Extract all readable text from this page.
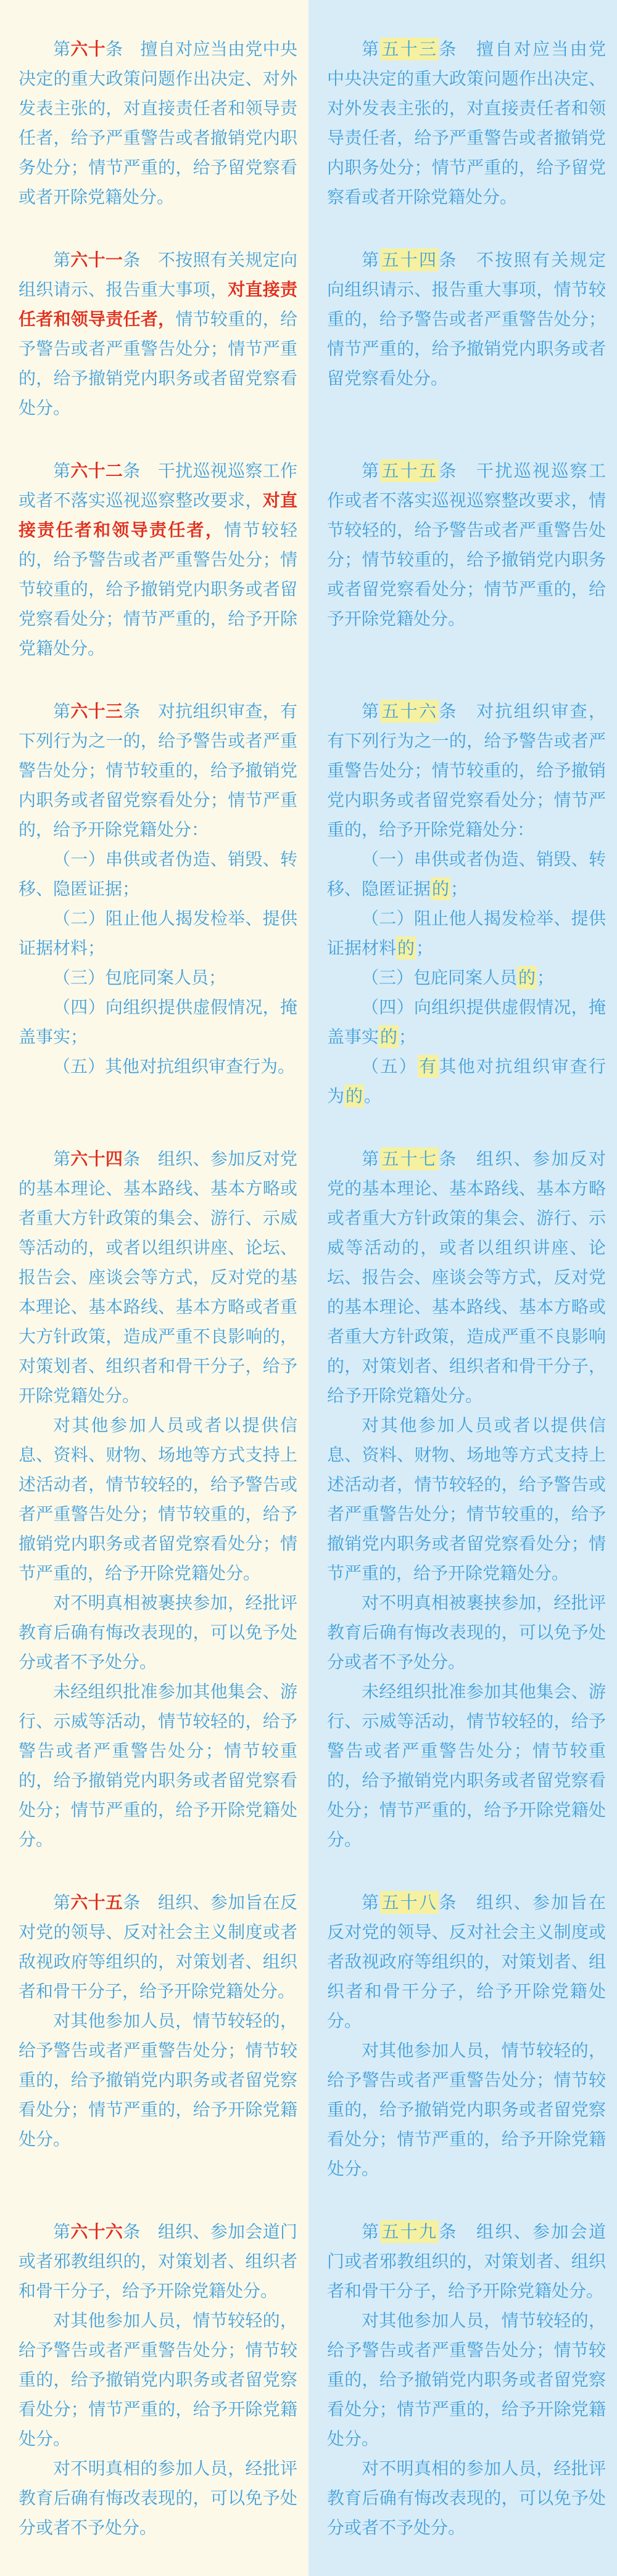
第六十条　擅自对应当由党中央决定的重大政策问题作出决定、对外发表主张的，对直接责任者和领导责任者，给予严重警告或者撤销党内职务处分；情节严重的，给予留党察看或者开除党籍处分。

第五十三条　擅自对应当由党中央决定的重大政策问题作出决定、对外发表主张的，对直接责任者和领导责任者，给予严重警告或者撤销党内职务处分；情节严重的，给予留党察看或者开除党籍处分。

第六十一条　不按照有关规定向组织请示、报告重大事项，对直接责任者和领导责任者，情节较重的，给予警告或者严重警告处分；情节严重的，给予撤销党内职务或者留党察看处分。

第五十四条　不按照有关规定向组织请示、报告重大事项，情节较重的，给予警告或者严重警告处分；情节严重的，给予撤销党内职务或者留党察看处分。

第六十二条　干扰巡视巡察工作或者不落实巡视巡察整改要求，对直接责任者和领导责任者，情节较轻的，给予警告或者严重警告处分；情节较重的，给予撤销党内职务或者留党察看处分；情节严重的，给予开除党籍处分。

第五十五条　干扰巡视巡察工作或者不落实巡视巡察整改要求，情节较轻的，给予警告或者严重警告处分；情节较重的，给予撤销党内职务或者留党察看处分；情节严重的，给予开除党籍处分。

第六十三条　对抗组织审查，有下列行为之一的，给予警告或者严重警告处分；情节较重的，给予撤销党内职务或者留党察看处分；情节严重的，给予开除党籍处分：

（一）串供或者伪造、销毁、转移、隐匿证据；

（二）阻止他人揭发检举、提供证据材料；

（三）包庇同案人员；

（四）向组织提供虚假情况，掩盖事实；

（五）其他对抗组织审查行为。

第五十六条　对抗组织审查，有下列行为之一的，给予警告或者严重警告处分；情节较重的，给予撤销党内职务或者留党察看处分；情节严重的，给予开除党籍处分：

（一）串供或者伪造、销毁、转移、隐匿证据的；

（二）阻止他人揭发检举、提供证据材料的；

（三）包庇同案人员的；

（四）向组织提供虚假情况，掩盖事实的；

（五）有其他对抗组织审查行为的。

第六十四条　组织、参加反对党的基本理论、基本路线、基本方略或者重大方针政策的集会、游行、示威等活动的，或者以组织讲座、论坛、报告会、座谈会等方式，反对党的基本理论、基本路线、基本方略或者重大方针政策，造成严重不良影响的，对策划者、组织者和骨干分子，给予开除党籍处分。

对其他参加人员或者以提供信息、资料、财物、场地等方式支持上述活动者，情节较轻的，给予警告或者严重警告处分；情节较重的，给予撤销党内职务或者留党察看处分；情节严重的，给予开除党籍处分。

对不明真相被裹挟参加，经批评教育后确有悔改表现的，可以免予处分或者不予处分。

未经组织批准参加其他集会、游行、示威等活动，情节较轻的，给予警告或者严重警告处分；情节较重的，给予撤销党内职务或者留党察看处分；情节严重的，给予开除党籍处分。

第五十七条　组织、参加反对党的基本理论、基本路线、基本方略或者重大方针政策的集会、游行、示威等活动的，或者以组织讲座、论坛、报告会、座谈会等方式，反对党的基本理论、基本路线、基本方略或者重大方针政策，造成严重不良影响的，对策划者、组织者和骨干分子，给予开除党籍处分。

对其他参加人员或者以提供信息、资料、财物、场地等方式支持上述活动者，情节较轻的，给予警告或者严重警告处分；情节较重的，给予撤销党内职务或者留党察看处分；情节严重的，给予开除党籍处分。

对不明真相被裹挟参加，经批评教育后确有悔改表现的，可以免予处分或者不予处分。

未经组织批准参加其他集会、游行、示威等活动，情节较轻的，给予警告或者严重警告处分；情节较重的，给予撤销党内职务或者留党察看处分；情节严重的，给予开除党籍处分。

第六十五条　组织、参加旨在反对党的领导、反对社会主义制度或者敌视政府等组织的，对策划者、组织者和骨干分子，给予开除党籍处分。

对其他参加人员，情节较轻的，给予警告或者严重警告处分；情节较重的，给予撤销党内职务或者留党察看处分；情节严重的，给予开除党籍处分。

第五十八条　组织、参加旨在反对党的领导、反对社会主义制度或者敌视政府等组织的，对策划者、组织者和骨干分子，给予开除党籍处分。

对其他参加人员，情节较轻的，给予警告或者严重警告处分；情节较重的，给予撤销党内职务或者留党察看处分；情节严重的，给予开除党籍处分。

第六十六条　组织、参加会道门或者邪教组织的，对策划者、组织者和骨干分子，给予开除党籍处分。

对其他参加人员，情节较轻的，给予警告或者严重警告处分；情节较重的，给予撤销党内职务或者留党察看处分；情节严重的，给予开除党籍处分。

对不明真相的参加人员，经批评教育后确有悔改表现的，可以免予处分或者不予处分。

第五十九条　组织、参加会道门或者邪教组织的，对策划者、组织者和骨干分子，给予开除党籍处分。

对其他参加人员，情节较轻的，给予警告或者严重警告处分；情节较重的，给予撤销党内职务或者留党察看处分；情节严重的，给予开除党籍处分。

对不明真相的参加人员，经批评教育后确有悔改表现的，可以免予处分或者不予处分。
